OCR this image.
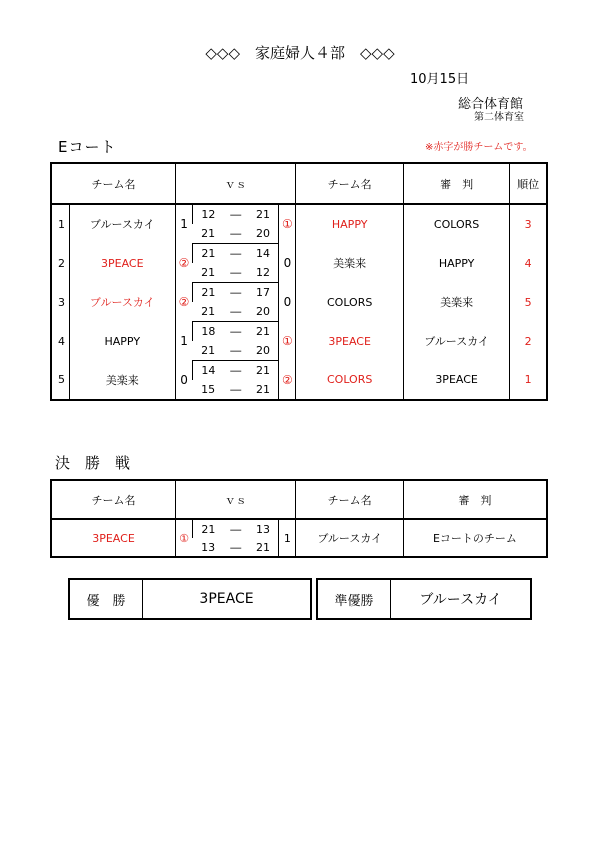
◇◇◇　家庭婦人４部　◇◇◇
10月15日
総合体育館
第二体育室
Eコート	※赤字が勝チームです。
チーム名		ｖｓ					チーム名	審　判	順位
1	ブルースカイ	1	12	―	21	①	HAPPY	COLORS	3
			21	―	20				
2	3PEACE	②	21	―	14	0	美楽来	HAPPY	4
			21	―	12				
3	ブルースカイ	②	21	―	17	0	COLORS	美楽来	5
			21	―	20				
4	HAPPY	1	18	―	21	①	3PEACE	ブルースカイ	2
			21	―	20				
5	美楽来	0	14	―	21	②	COLORS	3PEACE	1
			15	―	21				
決　勝　戦
チーム名	ｖｓ					チーム名	審　判
3PEACE	①	21	―	13	1	ブルースカイ	Eコートのチーム
		13	―	21			
優　勝	3PEACE	準優勝	ブルースカイ
